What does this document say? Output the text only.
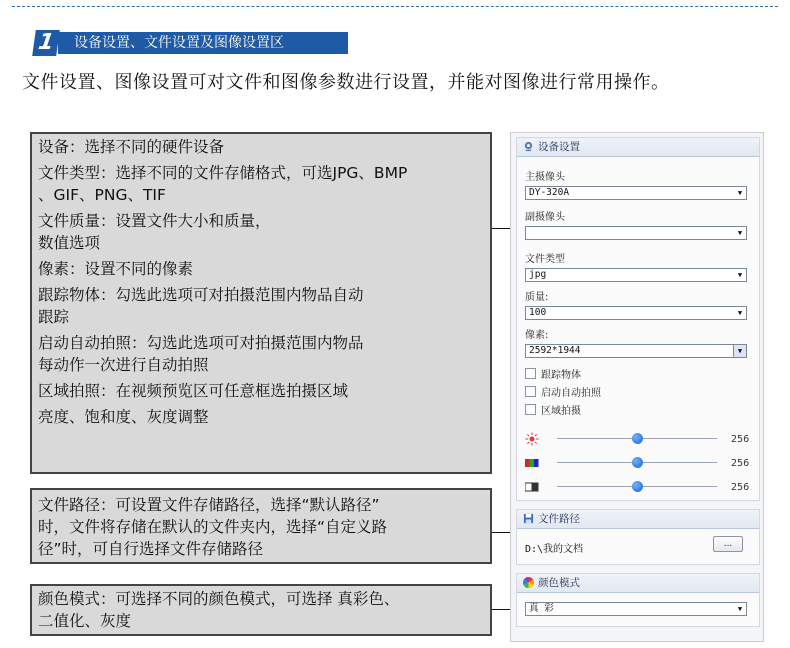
1	设备设置、文件设置及图像设置区
文件设置、图像设置可对文件和图像参数进行设置，并能对图像进行常用操作。

设备：选择不同的硬件设备

文件类型：选择不同的文件存储格式，可选JPG、BMP
、GIF、PNG、TIF

文件质量：设置文件大小和质量，
数值选项

像素：设置不同的像素

跟踪物体：勾选此选项可对拍摄范围内物品自动
跟踪

启动自动拍照：勾选此选项可对拍摄范围内物品
每动作一次进行自动拍照

区域拍照：在视频预览区可任意框选拍摄区域

亮度、饱和度、灰度调整

文件路径：可设置文件存储路径，选择“默认路径”
时，文件将存储在默认的文件夹内，选择“自定义路
径”时，可自行选择文件存储路径
颜色模式：可选择不同的颜色模式，可选择 真彩色、
二值化、灰度
设备设置
主摄像头
DY-320A	▼
副摄像头
▼
文件类型
jpg	▼
质量:
100	▼
像素:
2592*1944	▼
跟踪物体
启动自动拍照
区域拍摄
256
256
256
文件路径
D:\我的文档	...
颜色模式
真 彩	▼
